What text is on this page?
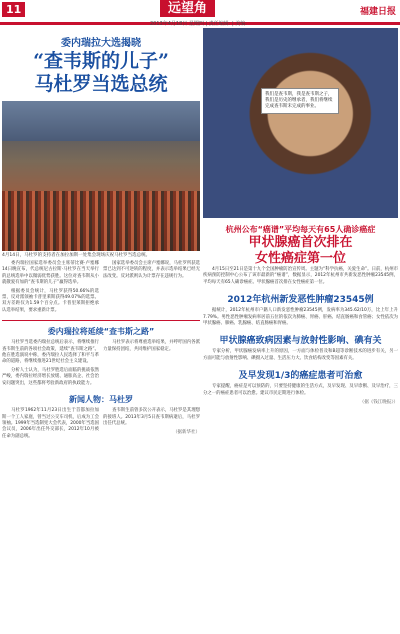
11	远望角	福建日报
2013年4月18日 星期四 | 责任编辑: | 美编:
委内瑞拉大选揭晓
“查韦斯的儿子”
马杜罗当选总统
4月14日，马杜罗的支持者在加拉加斯一处集会现场庆祝马杜罗当选总统。

委内瑞拉国家选举委员会主席蒂比赛·卢塞娜14日晚宣布，代总统尼古拉斯·马杜罗在当天举行的总统选举中以微弱优势获胜。这位对查韦斯从小就敬爱有加的“查韦斯的儿子”赢得选举。

根据委员会统计，马杜罗获得50.66%的选票，反对派领袖卡普里莱斯获得49.07%的选票。双方差距仅为1.59个百分点。卡普里莱斯拒绝承认选举结果，要求重新计票。

国家选举委员会主席卢塞娜说，马杜罗所获选票已达到不可逆转的程度，并表示选举结果已经无法改变。反对派则认为计票存在违规行为。

委内瑞拉将延续“查韦斯之路”

马杜罗当选委内瑞拉总统后表示，将继续推行查韦斯生前的各项社会政策，延续“查韦斯之路”。他在胜选演说中称，委内瑞拉人民选择了和平与革命的道路，将继续推进21世纪社会主义建设。

分析人士认为，马杜罗胜选后面临的挑战依然严峻，委内瑞拉经济增长放缓、通胀高企、社会治安问题突出，这些都将考验新政府的执政能力。

马杜罗表示将尊重选举结果，并呼吁国内各派力量保持团结，共同维护国家稳定。

新闻人物：马杜罗

马杜罗1962年11月23日出生于首都加拉加斯一个工人家庭，曾当过公交车司机，后成为工会领袖。1999年当选制宪大会代表，2000年当选国会议员，2006年出任外交部长，2012年10月被任命为副总统。

查韦斯生前曾多次公开表示，马杜罗是其理想的接班人。2013年3月5日查韦斯病逝后，马杜罗出任代总统。

（据新华社）
我们是查韦斯，我是查韦斯之子，我们是历史的继承者，我们将继续完成查韦斯未完成的事业。
杭州公布“癌谱”平均每天有65人确诊癌症
甲状腺癌首次排在
女性癌症第一位

4月15日至21日是第十九个全国肿瘤防治宣传周。主题为“科学抗癌，关爱生命”。日前，杭州市疾病预防控制中心公布了该市最新的“癌谱”，数据显示，2012年杭州市共新发恶性肿瘤23545例，平均每天有65人确诊癌症。甲状腺癌首次排在女性癌症第一位。

2012年杭州新发恶性肿瘤23545例

据统计，2012年杭州市户籍人口新发恶性肿瘤23545例，发病率为345.62/10万，比上年上升7.79%。男性恶性肿瘤发病率居前五位的依次为肺癌、胃癌、肝癌、结直肠癌和食管癌；女性依次为甲状腺癌、肺癌、乳腺癌、结直肠癌和胃癌。

甲状腺癌致病因素与放射性影响、碘有关

专家分析，甲状腺癌发病率上升的原因，一方面与体检普及和B超等诊断技术的进步有关，另一方面可能与放射性影响、碘摄入过量、生活压力大、饮食结构改变等因素有关。

及早发现1/3的癌症患者可治愈

专家提醒，癌症是可以预防的，只要坚持健康的生活方式，及早发现、及早诊断、及早治疗，三分之一的癌症患者可以治愈。建议市民定期进行体检。

（据《钱江晚报》）
